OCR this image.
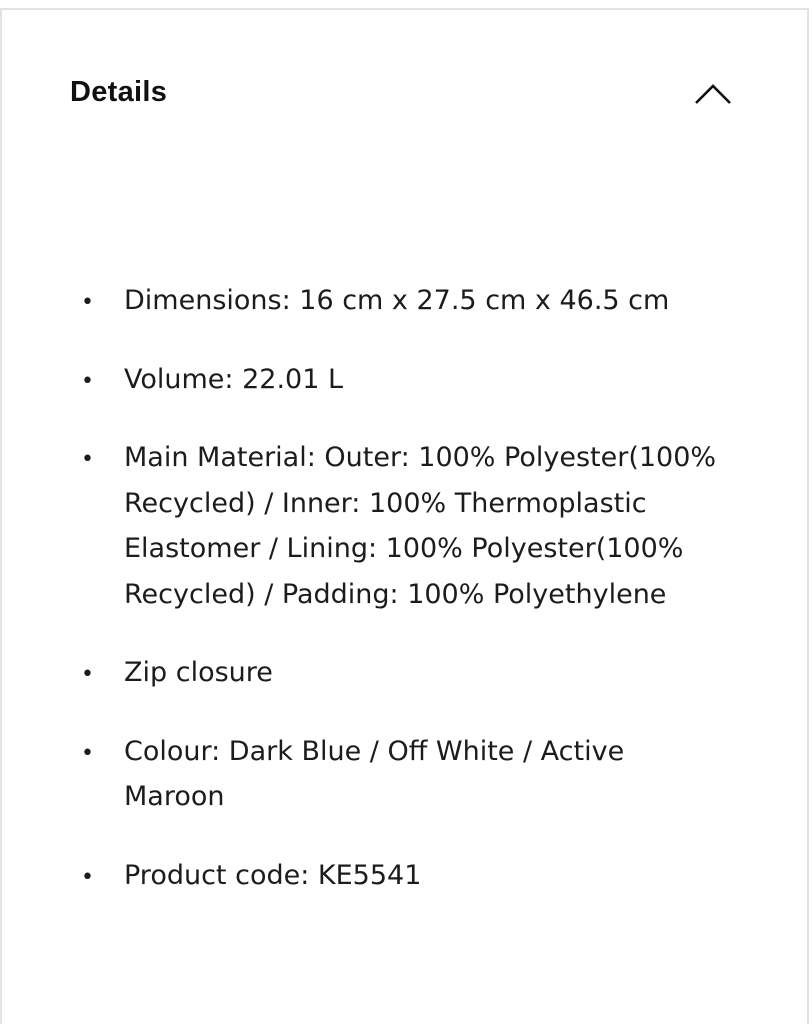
Details
• Dimensions: 16 cm x 27.5 cm x 46.5 cm
• Volume: 22.01 L
• Main Material: Outer: 100% Polyester(100% Recycled) / Inner: 100% Thermoplastic Elastomer / Lining: 100% Polyester(100% Recycled) / Padding: 100% Polyethylene
• Zip closure
• Colour: Dark Blue / Off White / Active Maroon
• Product code: KE5541
